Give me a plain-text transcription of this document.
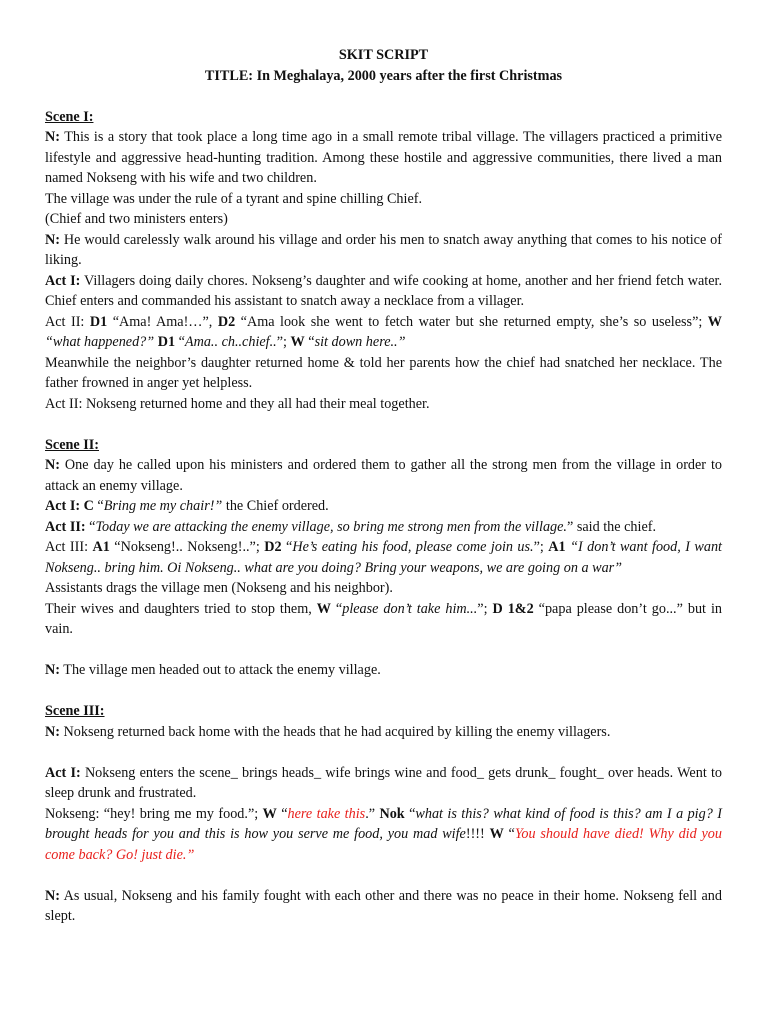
SKIT SCRIPT
TITLE: In Meghalaya, 2000 years after the first Christmas

Scene I:

N: This is a story that took place a long time ago in a small remote tribal village. The villagers practiced a primitive lifestyle and aggressive head-hunting tradition. Among these hostile and aggressive communities, there lived a man named Nokseng with his wife and two children.

The village was under the rule of a tyrant and spine chilling Chief.

(Chief and two ministers enters)

N: He would carelessly walk around his village and order his men to snatch away anything that comes to his notice of liking.

Act I: Villagers doing daily chores. Nokseng’s daughter and wife cooking at home, another and her friend fetch water. Chief enters and commanded his assistant to snatch away a necklace from a villager.

Act II: D1 “Ama! Ama!…”, D2 “Ama look she went to fetch water but she returned empty, she’s so useless”; W “what happened?” D1 “Ama.. ch..chief..”; W “sit down here..”

Meanwhile the neighbor’s daughter returned home & told her parents how the chief had snatched her necklace. The father frowned in anger yet helpless.

Act II: Nokseng returned home and they all had their meal together.

Scene II:

N: One day he called upon his ministers and ordered them to gather all the strong men from the village in order to attack an enemy village.

Act I: C “Bring me my chair!” the Chief ordered.

Act II: “Today we are attacking the enemy village, so bring me strong men from the village.” said the chief.

Act III: A1 “Nokseng!.. Nokseng!..”; D2 “He’s eating his food, please come join us.”; A1 “I don’t want food, I want Nokseng.. bring him. Oi Nokseng.. what are you doing? Bring your weapons, we are going on a war”

Assistants drags the village men (Nokseng and his neighbor).

Their wives and daughters tried to stop them, W “please don’t take him...”; D 1&2 “papa please don’t go...” but in vain.

N: The village men headed out to attack the enemy village.

Scene III:

N: Nokseng returned back home with the heads that he had acquired by killing the enemy villagers.

Act I: Nokseng enters the scene_ brings heads_ wife brings wine and food_ gets drunk_ fought_ over heads. Went to sleep drunk and frustrated.

Nokseng: “hey! bring me my food.”; W “here take this.” Nok “what is this? what kind of food is this? am I a pig? I brought heads for you and this is how you serve me food, you mad wife!!!! W “You should have died! Why did you come back? Go! just die.”

N: As usual, Nokseng and his family fought with each other and there was no peace in their home. Nokseng fell and slept.
